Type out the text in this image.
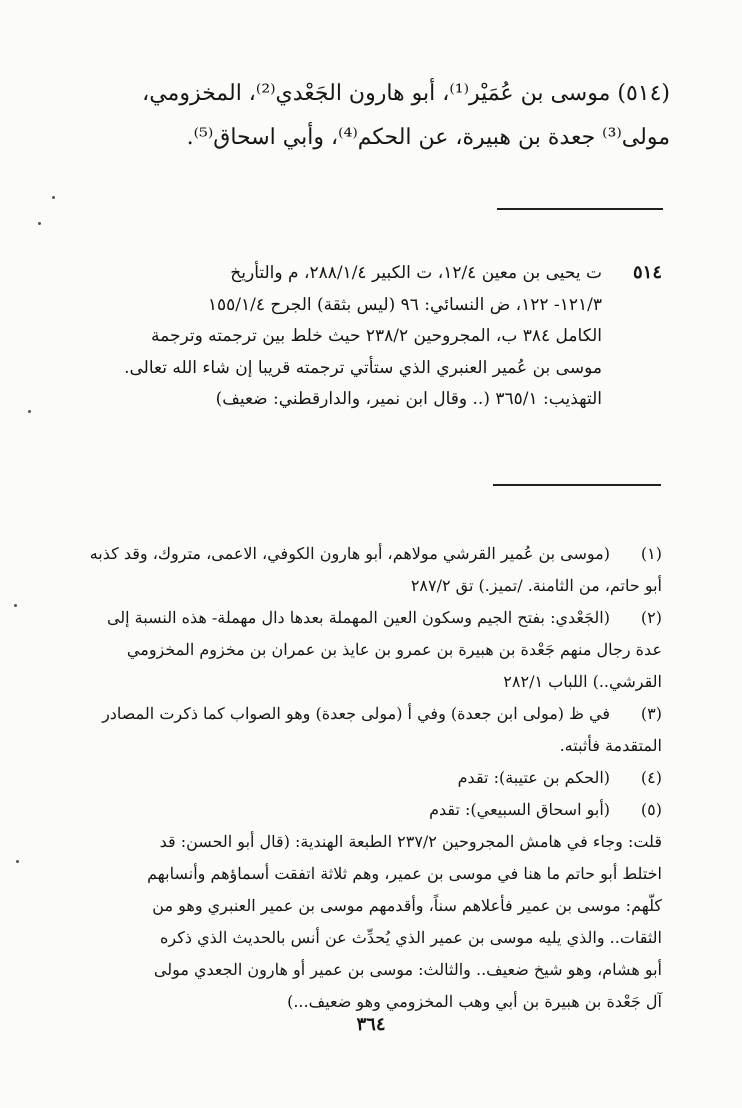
(٥١٤) موسى بن عُمَيْر⁽¹⁾، أبو هارون الجَعْدي⁽²⁾، المخزومي،
مولى⁽³⁾ جعدة بن هبيرة، عن الحكم⁽⁴⁾، وأبي اسحاق⁽⁵⁾.
٥١٤
ت يحيى بن معين ١٢/٤، ت الكبير ٢٨٨/١/٤، م والتأريخ
١٢١/٣- ١٢٢، ض النسائي: ٩٦ (ليس بثقة) الجرح ١٥٥/١/٤
الكامل ٣٨٤ ب، المجروحين ٢٣٨/٢ حيث خلط بين ترجمته وترجمة
موسى بن عُمير العنبري الذي ستأتي ترجمته قريبا إن شاء الله تعالى.
التهذيب: ٣٦٥/١ (.. وقال ابن نمير، والدارقطني: ضعيف)
(١)
(موسى بن عُمير القرشي مولاهم، أبو هارون الكوفي، الاعمى، متروك، وقد كذبه
أبو حاتم، من الثامنة. /تميز.) تق ٢٨٧/٢
(٢)
(الجَعْدي: بفتح الجيم وسكون العين المهملة بعدها دال مهملة- هذه النسبة إلى
عدة رجال منهم جَعْدة بن هبيرة بن عمرو بن عايذ بن عمران بن مخزوم المخزومي
القرشي..) اللباب ٢٨٢/١
(٣)
في ظ (مولى ابن جعدة) وفي أ (مولى جعدة) وهو الصواب كما ذكرت المصادر
المتقدمة فأثبته.
(٤)
(الحكم بن عتيبة): تقدم
(٥)
(أبو اسحاق السبيعي): تقدم
قلت: وجاء في هامش المجروحين ٢٣٧/٢ الطبعة الهندية: (قال أبو الحسن: قد
اختلط أبو حاتم ما هنا في موسى بن عمير، وهم ثلاثة اتفقت أسماؤهم وأنسابهم
كلّهم: موسى بن عمير فأعلاهم سناً، وأقدمهم موسى بن عمير العنبري وهو من
الثقات.. والذي يليه موسى بن عمير الذي يُحدِّث عن أنس بالحديث الذي ذكره
أبو هشام، وهو شيخ ضعيف.. والثالث: موسى بن عمير أو هارون الجعدي مولى
آل جَعْدة بن هبيرة بن أبي وهب المخزومي وهو ضعيف...)
٣٦٤
